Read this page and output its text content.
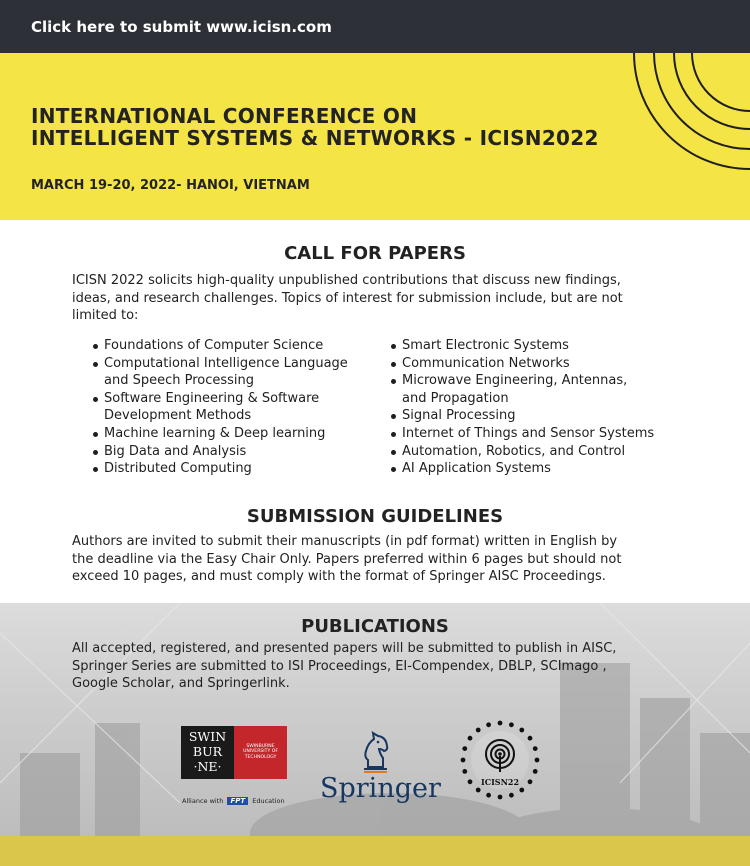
Click here to submit www.icisn.com
INTERNATIONAL CONFERENCE ON
INTELLIGENT SYSTEMS & NETWORKS - ICISN2022
MARCH 19-20, 2022- HANOI, VIETNAM
CALL FOR PAPERS
ICISN 2022 solicits high-quality unpublished contributions that discuss new findings,
ideas, and research challenges. Topics of interest for submission include, but are not
limited to:
Foundations of Computer Science
Computational Intelligence Language
and Speech Processing
Software Engineering & Software
Development Methods
Machine learning & Deep learning
Big Data and Analysis
Distributed Computing
Smart Electronic Systems
Communication Networks
Microwave Engineering, Antennas,
and Propagation
Signal Processing
Internet of Things and Sensor Systems
Automation, Robotics, and Control
AI Application Systems
SUBMISSION GUIDELINES
Authors are invited to submit their manuscripts (in pdf format) written in English by
the deadline via the Easy Chair Only. Papers preferred within 6 pages but should not
exceed 10 pages, and must comply with the format of Springer AISC Proceedings.
PUBLICATIONS
All accepted, registered, and presented papers will be submitted to publish in AISC,
Springer Series are submitted to ISI Proceedings, EI-Compendex, DBLP, SCImago ,
Google Scholar, and Springerlink.
SWIN
BUR
·NE·
SWINBURNE UNIVERSITY OF TECHNOLOGY
Alliance with FPT Education Springer	ICISN22
